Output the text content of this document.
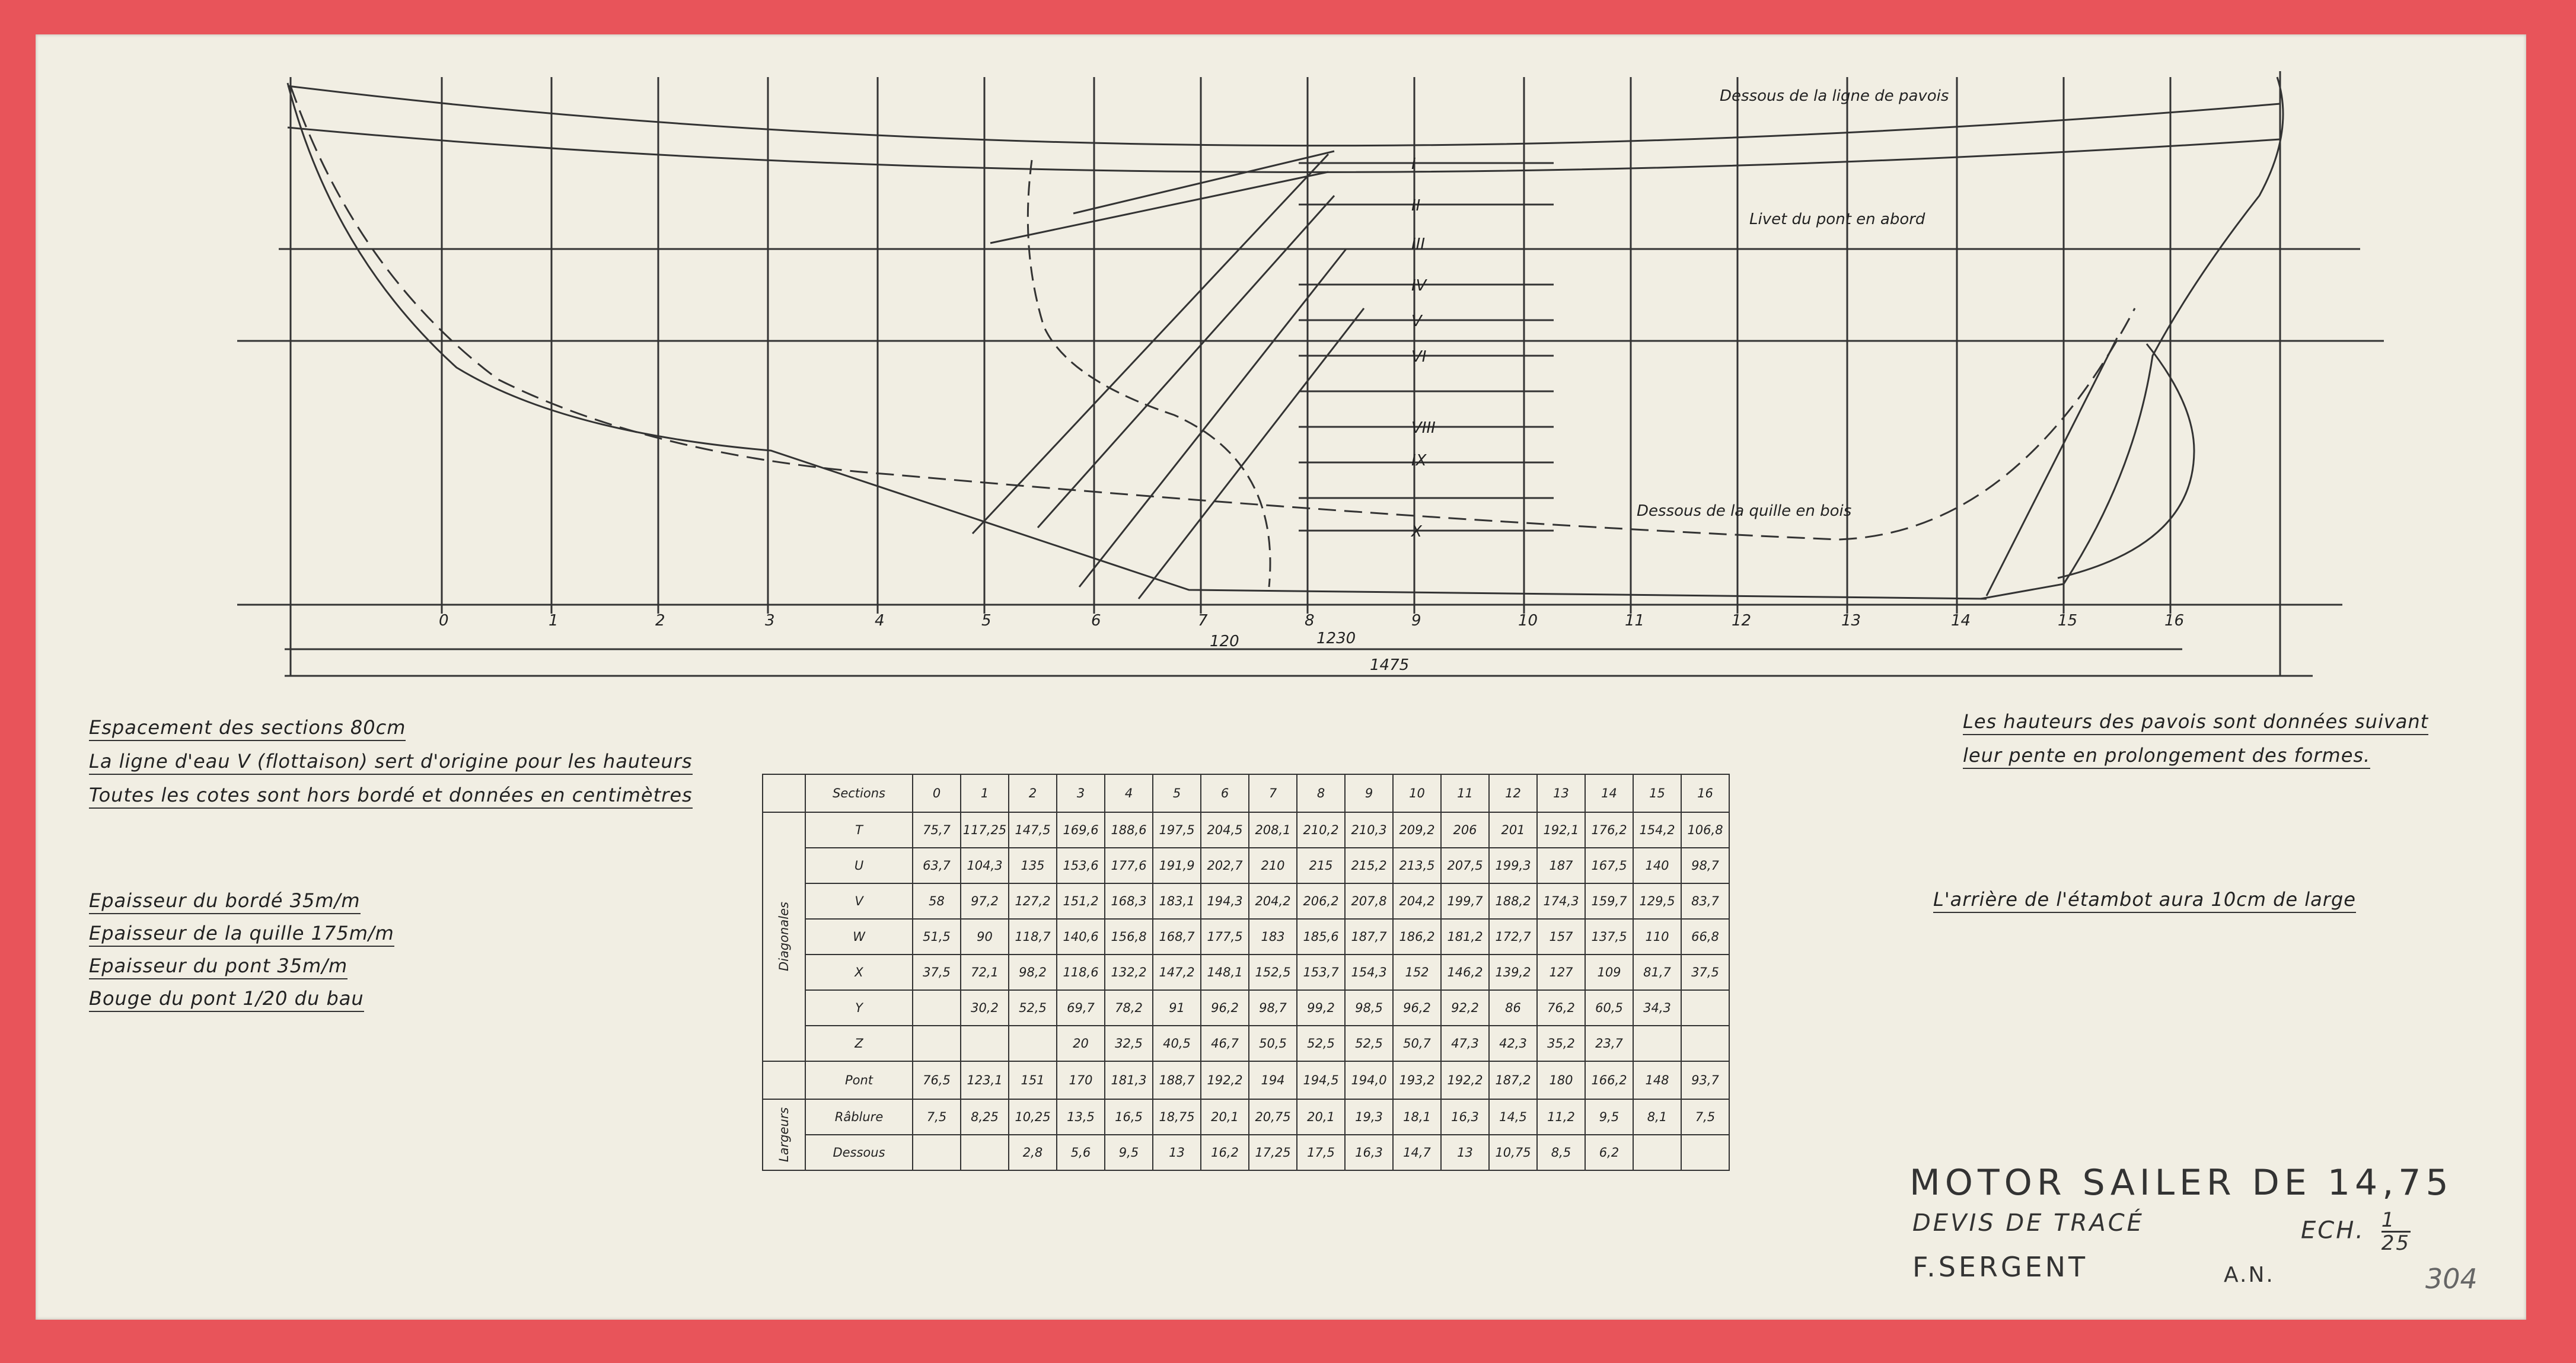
0	1	2	3	4	5	6	7	8	9	10	11	12	13	14	15	16
I
II
III
IV
V
VI
VIII
IX
X
120	1230
1475
Dessous de la ligne de pavois
Livet du pont en abord
Dessous de la quille en bois
Espacement des sections 80cm
La ligne d'eau V (flottaison) sert d'origine pour les hauteurs
Toutes les cotes sont hors bordé et données en centimètres
Epaisseur du bordé 35m/m
Epaisseur de la quille 175m/m
Epaisseur du pont 35m/m
Bouge du pont 1/20 du bau
Les hauteurs des pavois sont données suivant
leur pente en prolongement des formes.
L'arrière de l'étambot aura 10cm de large
	Sections	0	1	2	3	4	5	6	7	8	9	10	11	12	13	14	15	16
Diagonales	T	75,7	117,25	147,5	169,6	188,6	197,5	204,5	208,1	210,2	210,3	209,2	206	201	192,1	176,2	154,2	106,8
	U	63,7	104,3	135	153,6	177,6	191,9	202,7	210	215	215,2	213,5	207,5	199,3	187	167,5	140	98,7
	V	58	97,2	127,2	151,2	168,3	183,1	194,3	204,2	206,2	207,8	204,2	199,7	188,2	174,3	159,7	129,5	83,7
	W	51,5	90	118,7	140,6	156,8	168,7	177,5	183	185,6	187,7	186,2	181,2	172,7	157	137,5	110	66,8
	X	37,5	72,1	98,2	118,6	132,2	147,2	148,1	152,5	153,7	154,3	152	146,2	139,2	127	109	81,7	37,5
	Y		30,2	52,5	69,7	78,2	91	96,2	98,7	99,2	98,5	96,2	92,2	86	76,2	60,5	34,3	
	Z				20	32,5	40,5	46,7	50,5	52,5	52,5	50,7	47,3	42,3	35,2	23,7		
	Pont	76,5	123,1	151	170	181,3	188,7	192,2	194	194,5	194,0	193,2	192,2	187,2	180	166,2	148	93,7
Largeurs	Râblure	7,5	8,25	10,25	13,5	16,5	18,75	20,1	20,75	20,1	19,3	18,1	16,3	14,5	11,2	9,5	8,1	7,5
	Dessous			2,8	5,6	9,5	13	16,2	17,25	17,5	16,3	14,7	13	10,75	8,5	6,2		
MOTOR SAILER DE 14,75
DEVIS DE TRACÉ	ECH. $\frac{1}{25}$
F.SERGENT	A.N.	304
